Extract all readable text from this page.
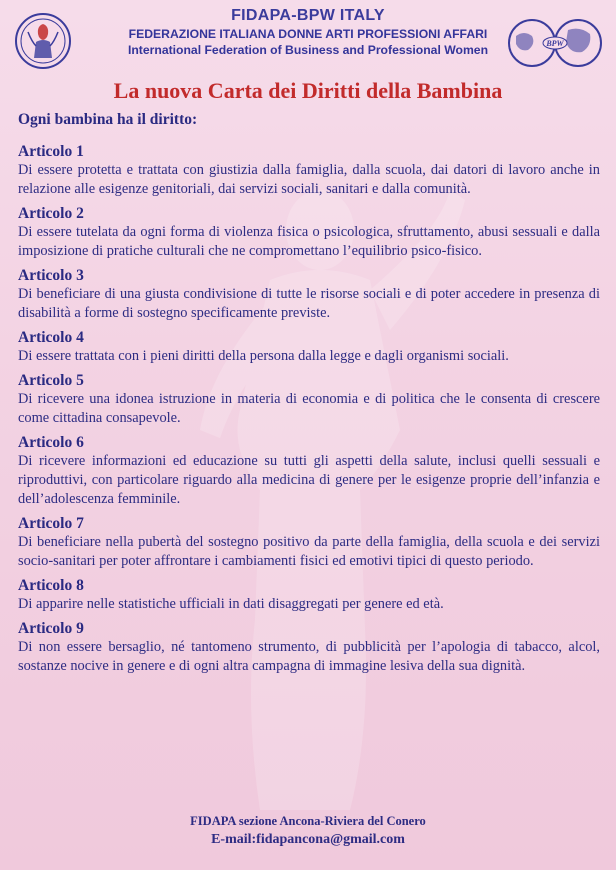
FIDAPA-BPW ITALY
FEDERAZIONE ITALIANA DONNE ARTI PROFESSIONI AFFARI
International Federation of Business and Professional Women	BPW
La nuova Carta dei Diritti della Bambina
Ogni bambina ha il diritto:
Articolo 1

Di essere protetta e trattata con giustizia dalla famiglia, dalla scuola, dai datori di lavoro anche in relazione alle esigenze genitoriali, dai servizi sociali, sanitari e dalla comunità.

Articolo 2

Di essere tutelata da ogni forma di violenza fisica o psicologica, sfruttamento, abusi sessuali e dalla imposizione di pratiche culturali che ne compromettano l’equilibrio psico-fisico.

Articolo 3

Di beneficiare di una giusta condivisione di tutte le risorse sociali e di poter accedere in presenza di disabilità a forme di sostegno specificamente previste.

Articolo 4

Di essere trattata con i pieni diritti della persona dalla legge e dagli organismi sociali.

Articolo 5

Di ricevere una idonea istruzione in materia di economia e di politica che le consenta di crescere come cittadina consapevole.

Articolo 6

Di ricevere informazioni ed educazione su tutti gli aspetti della salute, inclusi quelli sessuali e riproduttivi, con particolare riguardo alla medicina di genere per le esigenze proprie dell’infanzia e dell’adolescenza femminile.

Articolo 7

Di beneficiare nella pubertà del sostegno positivo da parte della famiglia, della scuola e dei servizi socio-sanitari per poter affrontare i cambiamenti fisici ed emotivi tipici di questo periodo.

Articolo 8

Di apparire nelle statistiche ufficiali in dati disaggregati per genere ed età.

Articolo 9

Di non essere bersaglio, né tantomeno strumento, di pubblicità per l’apologia di tabacco, alcol, sostanze nocive in genere e di ogni altra campagna di immagine lesiva della sua dignità.

FIDAPA sezione Ancona-Riviera del Conero
E-mail:fidapancona@gmail.com
